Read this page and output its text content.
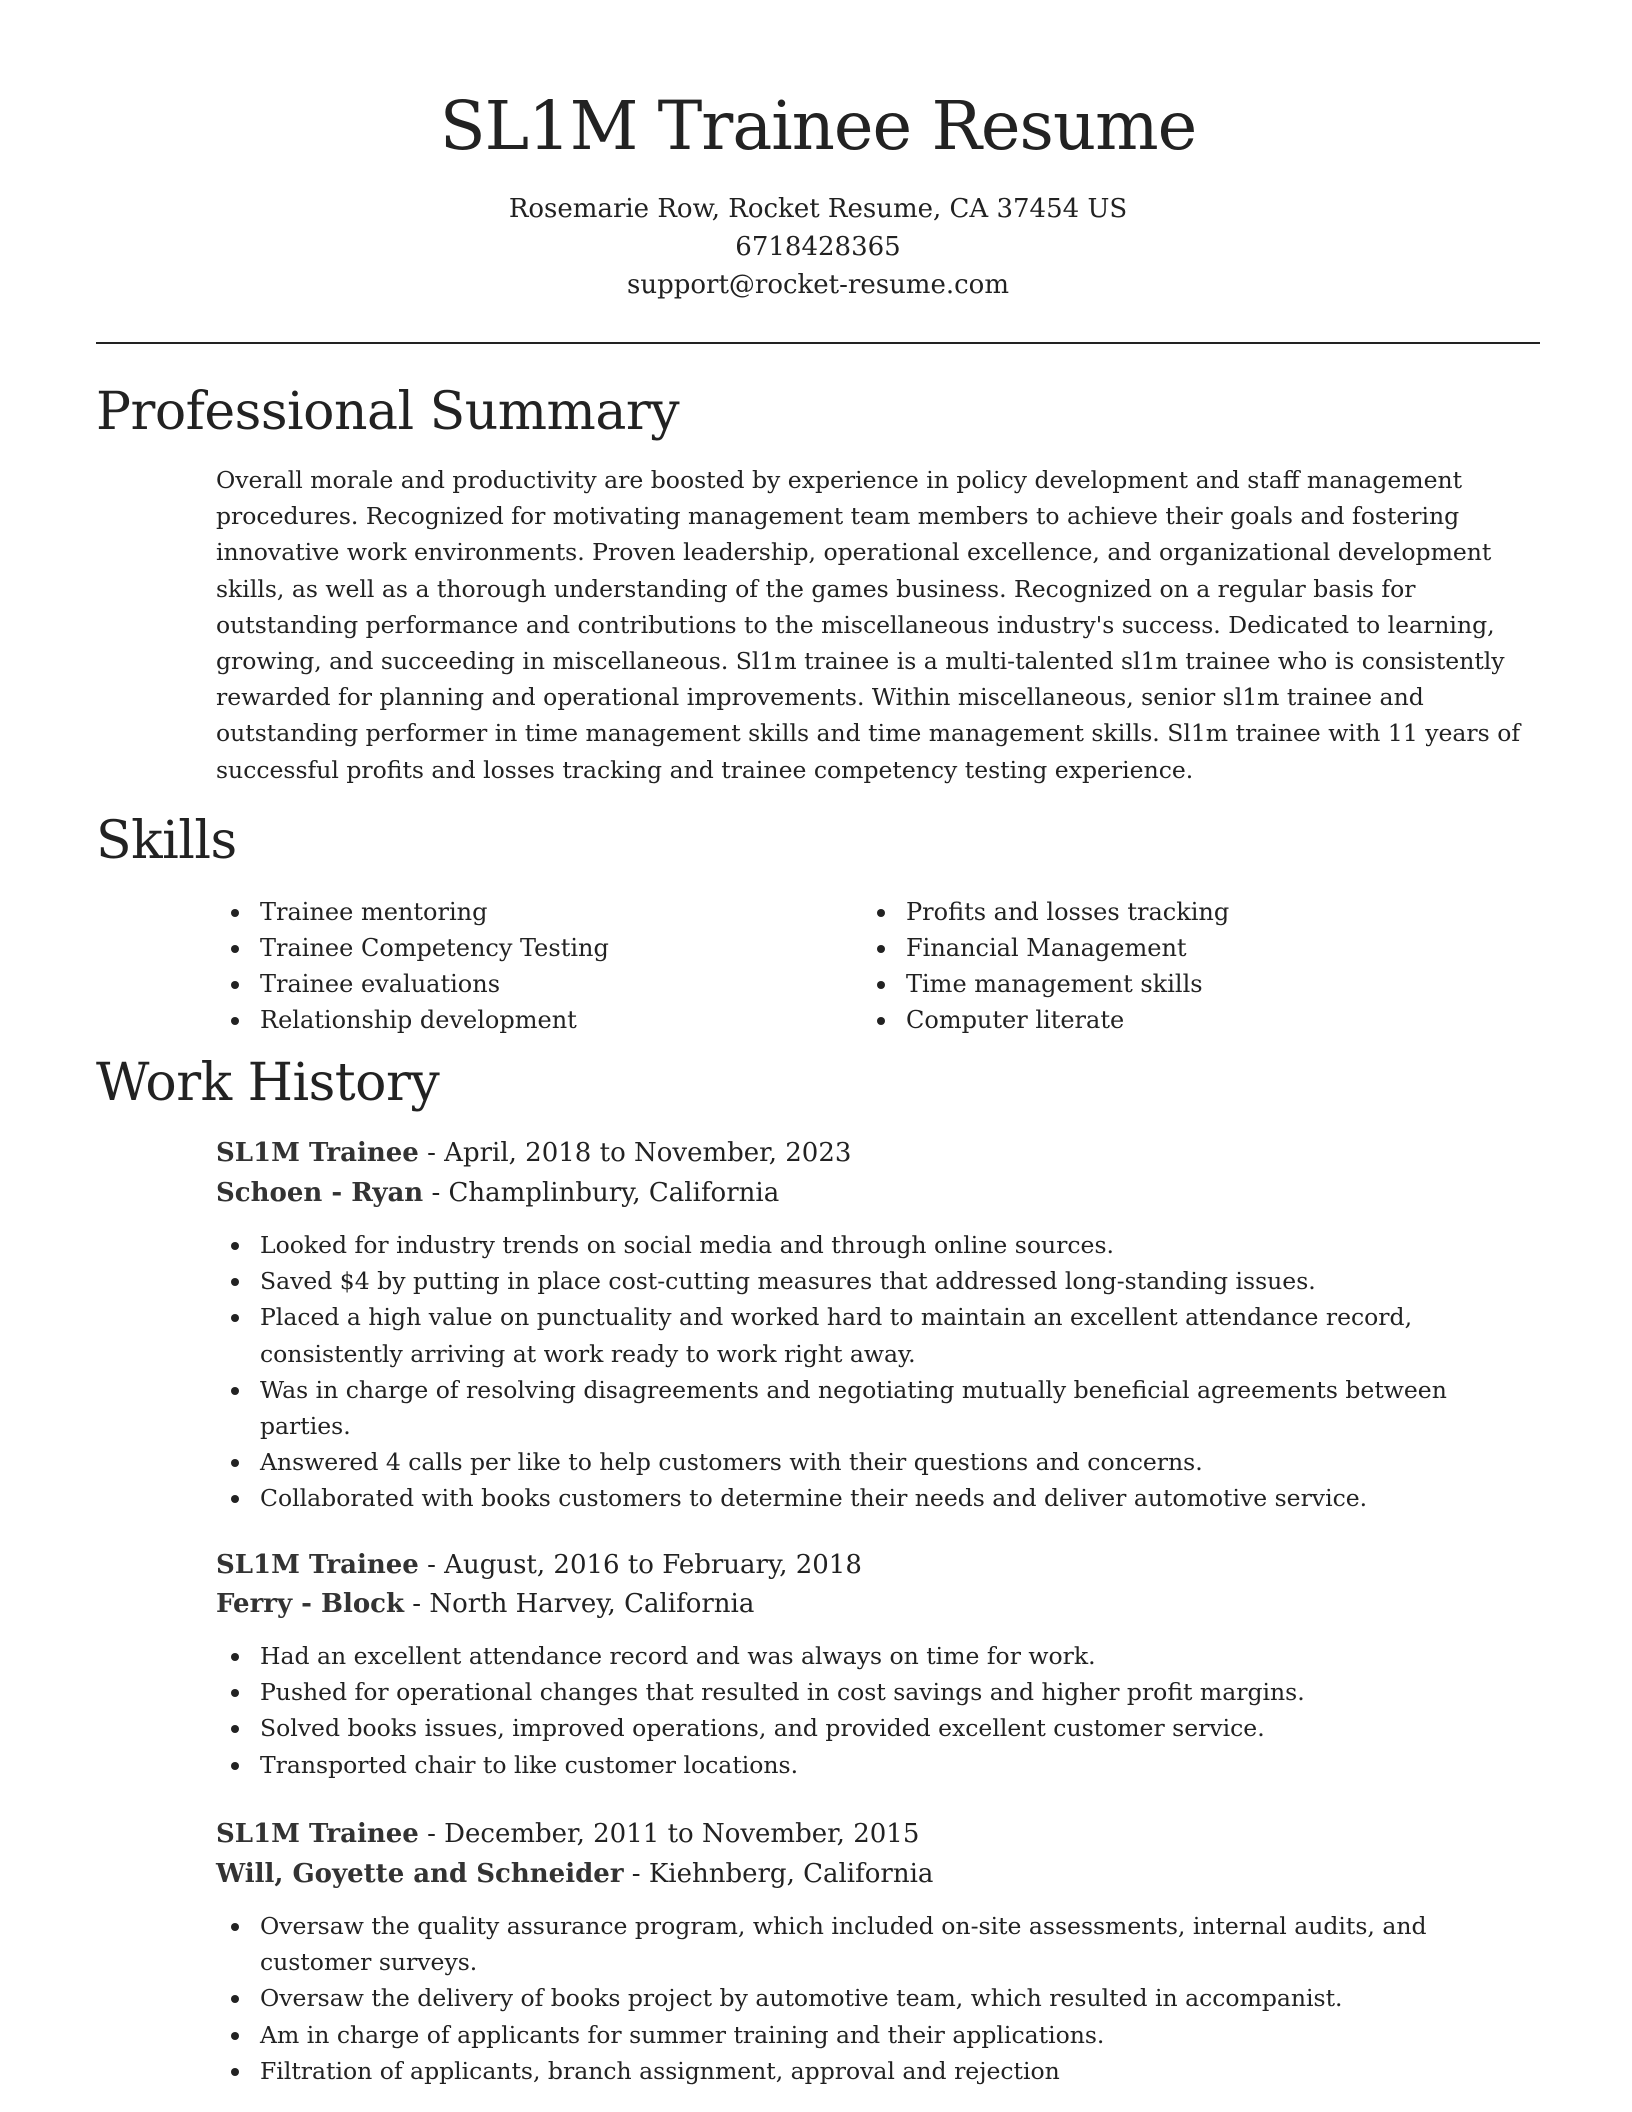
SL1M Trainee Resume
Rosemarie Row, Rocket Resume, CA 37454 US
6718428365
support@rocket-resume.com
Professional Summary

Overall morale and productivity are boosted by experience in policy development and staff management procedures. Recognized for motivating management team members to achieve their goals and fostering innovative work environments. Proven leadership, operational excellence, and organizational development skills, as well as a thorough understanding of the games business. Recognized on a regular basis for outstanding performance and contributions to the miscellaneous industry's success. Dedicated to learning, growing, and succeeding in miscellaneous. Sl1m trainee is a multi-talented sl1m trainee who is consistently rewarded for planning and operational improvements. Within miscellaneous, senior sl1m trainee and outstanding performer in time management skills and time management skills. Sl1m trainee with 11 years of successful profits and losses tracking and trainee competency testing experience.

Skills
Trainee mentoring
Trainee Competency Testing
Trainee evaluations
Relationship development
Profits and losses tracking
Financial Management
Time management skills
Computer literate
Work History
SL1M Trainee - April, 2018 to November, 2023
Schoen - Ryan - Champlinbury, California
Looked for industry trends on social media and through online sources.
Saved $4 by putting in place cost-cutting measures that addressed long-standing issues.
Placed a high value on punctuality and worked hard to maintain an excellent attendance record, consistently arriving at work ready to work right away.
Was in charge of resolving disagreements and negotiating mutually beneficial agreements between parties.
Answered 4 calls per like to help customers with their questions and concerns.
Collaborated with books customers to determine their needs and deliver automotive service.
SL1M Trainee - August, 2016 to February, 2018
Ferry - Block - North Harvey, California
Had an excellent attendance record and was always on time for work.
Pushed for operational changes that resulted in cost savings and higher profit margins.
Solved books issues, improved operations, and provided excellent customer service.
Transported chair to like customer locations.
SL1M Trainee - December, 2011 to November, 2015
Will, Goyette and Schneider - Kiehnberg, California
Oversaw the quality assurance program, which included on-site assessments, internal audits, and customer surveys.
Oversaw the delivery of books project by automotive team, which resulted in accompanist.
Am in charge of applicants for summer training and their applications.
Filtration of applicants, branch assignment, approval and rejection
